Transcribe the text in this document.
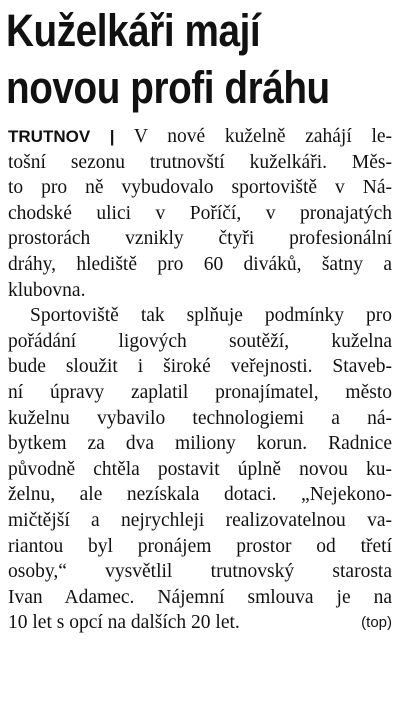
Kuželkáři mají
novou profi dráhu
TRUTNOV | V nové kuželně zahájí le-
tošní sezonu trutnovští kuželkáři. Měs-
to pro ně vybudovalo sportoviště v Ná-
chodské ulici v Poříčí, v pronajatých
prostorách vznikly čtyři profesionální
dráhy, hlediště pro 60 diváků, šatny a
klubovna.
Sportoviště tak splňuje podmínky pro
pořádání ligových soutěží, kuželna
bude sloužit i široké veřejnosti. Staveb-
ní úpravy zaplatil pronajímatel, město
kuželnu vybavilo technologiemi a ná-
bytkem za dva miliony korun. Radnice
původně chtěla postavit úplně novou ku-
želnu, ale nezískala dotaci. „Nejekono-
mičtější a nejrychleji realizovatelnou va-
riantou byl pronájem prostor od třetí
osoby,“ vysvětlil trutnovský starosta
Ivan Adamec. Nájemní smlouva je na
10 let s opcí na dalších 20 let.	(top)
